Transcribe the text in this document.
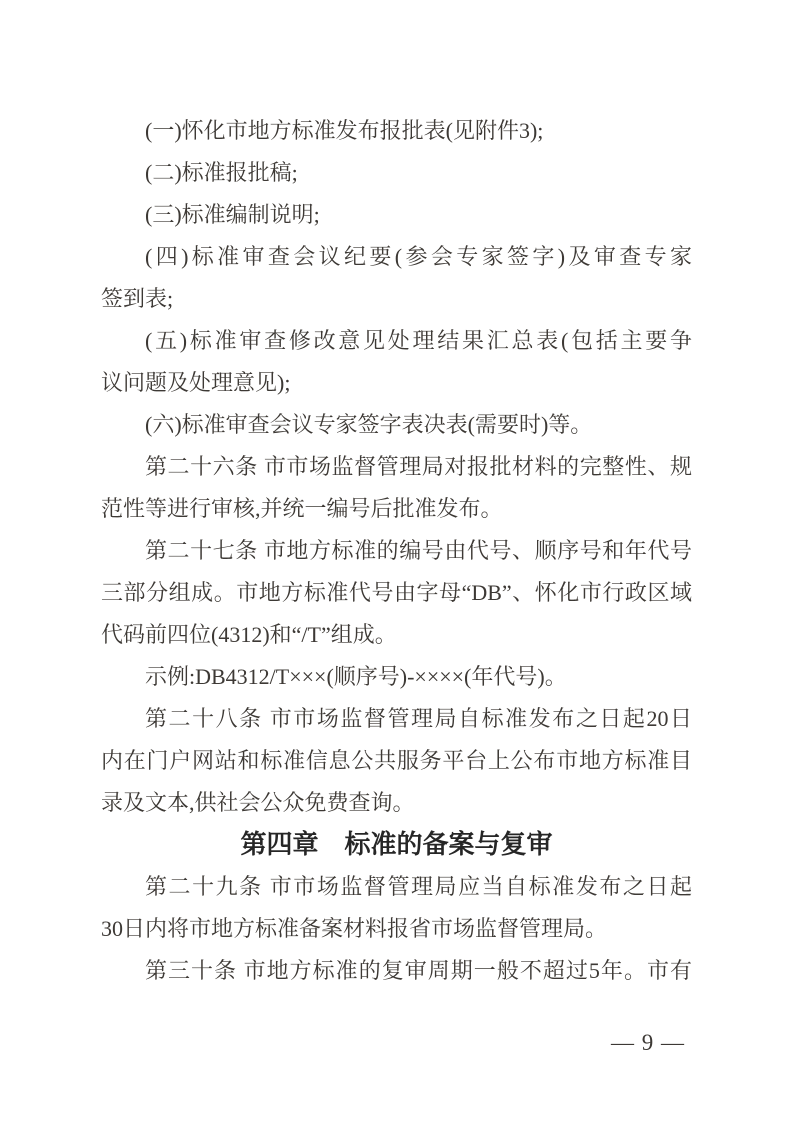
(一)怀化市地方标准发布报批表(见附件3);
(二)标准报批稿;
(三)标准编制说明;
(四)标准审查会议纪要(参会专家签字)及审查专家
签到表;
(五)标准审查修改意见处理结果汇总表(包括主要争
议问题及处理意见);
(六)标准审查会议专家签字表决表(需要时)等。
第二十六条 市市场监督管理局对报批材料的完整性、规
范性等进行审核,并统一编号后批准发布。
第二十七条 市地方标准的编号由代号、顺序号和年代号
三部分组成。市地方标准代号由字母“DB”、怀化市行政区域
代码前四位(4312)和“/T”组成。
示例:DB4312/T×××(顺序号)-××××(年代号)。
第二十八条 市市场监督管理局自标准发布之日起20日
内在门户网站和标准信息公共服务平台上公布市地方标准目
录及文本,供社会公众免费查询。
第四章　标准的备案与复审
第二十九条 市市场监督管理局应当自标准发布之日起
30日内将市地方标准备案材料报省市场监督管理局。
第三十条 市地方标准的复审周期一般不超过5年。市有
— 9 —
